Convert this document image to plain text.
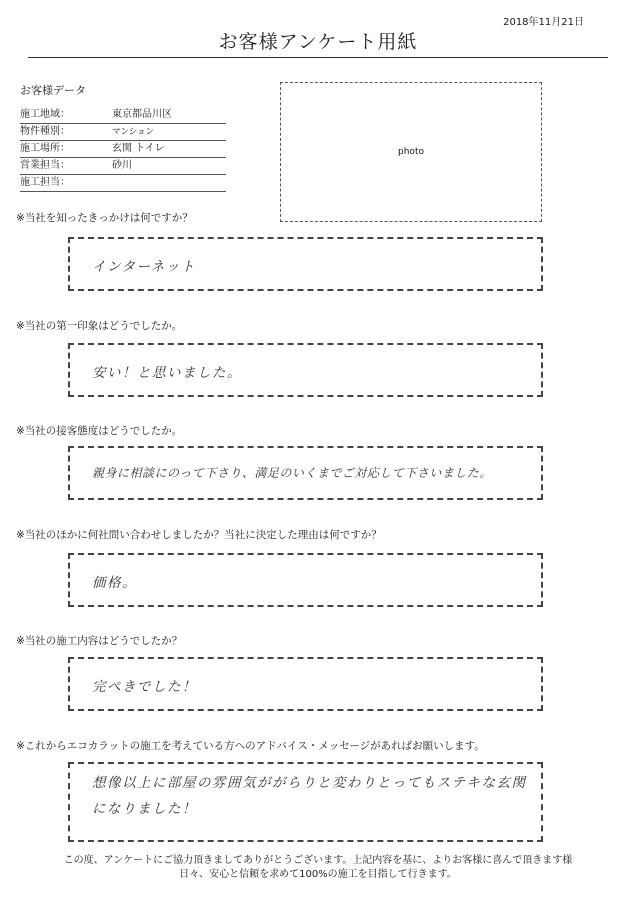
2018年11月21日
お客様アンケート用紙
お客様データ
施工地域：	東京都品川区
物件種別：	マンション
施工場所：	玄関 トイレ
営業担当：	砂川
施工担当：
photo
※当社を知ったきっかけは何ですか？
インターネット
※当社の第一印象はどうでしたか。
安い！と思いました。
※当社の接客態度はどうでしたか。
親身に相談にのって下さり、満足のいくまでご対応して下さいました。
※当社のほかに何社問い合わせしましたか？当社に決定した理由は何ですか？
価格。
※当社の施工内容はどうでしたか？
完ぺきでした！
※これからエコカラットの施工を考えている方へのアドバイス・メッセージがあればお願いします。
想像以上に部屋の雰囲気ががらりと変わりとってもステキな玄関になりました！
この度、アンケートにご協力頂きましてありがとうございます。上記内容を基に、よりお客様に喜んで頂きます様
日々、安心と信頼を求めて100%の施工を目指して行きます。
